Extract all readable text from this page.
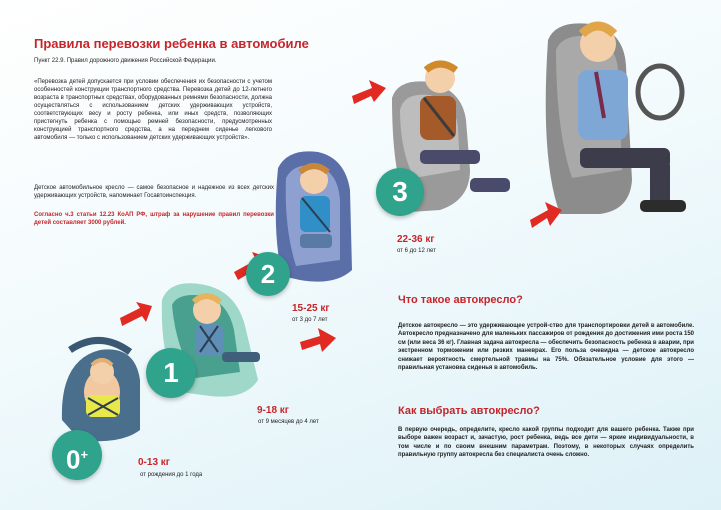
Правила перевозки ребенка в автомобиле
Пункт 22.9. Правил дорожного движения Российской Федерации.
«Перевозка детей допускается при условии обеспечения их безопасности с учетом особенностей конструкции транспортного средства. Перевозка детей до 12-летнего возраста в транспортных средствах, оборудованных ремнями безопасности, должна осуществляться с использованием детских удерживающих устройств, соответствующих весу и росту ребенка, или иных средств, позволяющих пристегнуть ребенка с помощью ремней безопасности, предусмотренных конструкцией транспортного средства, а на переднем сиденье легкового автомобиля — только с использованием детских удерживающих устройств».
Детское автомобильное кресло — самое безопасное и надежное из всех детских удерживающих устройств, напоминает Госавтоинспекция.
Согласно ч.3 статьи 12.23 КоАП РФ, штраф за нарушение правил перевозки детей составляет 3000 рублей.
Что такое автокресло?
Детское автокресло — это удерживающее устрой-ство для транспортировки детей в автомобиле. Автокресло предназначено для маленьких пассажиров от рождения до достижения ими роста 150 см (или веса 36 кг). Главная задача автокресла — обеспечить безопасность ребенка в аварии, при экстренном торможении или резких маневрах. Его польза очевидна — детское автокресло снижает вероятность смертельной травмы на 75%. Обязательное условие для этого — правильная установка сиденья в автомобиль.
Как выбрать автокресло?
В первую очередь, определите, кресло какой группы подходит для вашего ребенка. Также при выборе важен возраст и, зачастую, рост ребенка, ведь все дети — яркие индивидуальности, в том числе и по своим внешним параметрам. Поэтому, в некоторых случаях определить правильную группу автокресла без специалиста очень сложно.
0+
0-13 кг
от рождения до 1 года
1
9-18 кг
от 9 месяцев до 4 лет
2
15-25 кг
от 3 до 7 лет
3
22-36 кг
от 6 до 12 лет
